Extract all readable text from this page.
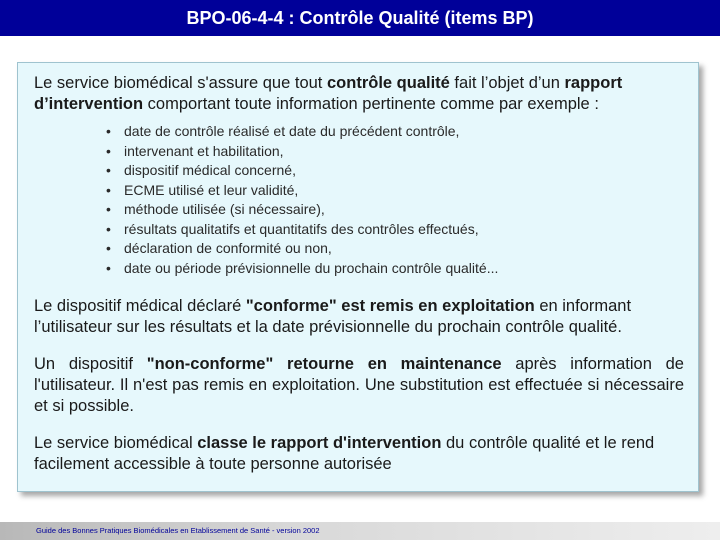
BPO-06-4-4 : Contrôle Qualité (items BP)

Le service biomédical s'assure que tout contrôle qualité fait l’objet d’un rapport d’intervention comportant toute information pertinente comme par exemple :

• date de contrôle réalisé et date du précédent contrôle,
• intervenant et habilitation,
• dispositif médical concerné,
• ECME utilisé et leur validité,
• méthode utilisée (si nécessaire),
• résultats qualitatifs et quantitatifs des contrôles effectués,
• déclaration de conformité ou non,
• date ou période prévisionnelle du prochain contrôle qualité...

Le dispositif médical déclaré "conforme" est remis en exploitation en informant l’utilisateur sur les résultats et la date prévisionnelle du prochain contrôle qualité.

Un dispositif "non-conforme" retourne en maintenance après information de l'utilisateur. Il n'est pas remis en exploitation. Une substitution est effectuée si nécessaire et si possible.

Le service biomédical classe le rapport d'intervention du contrôle qualité et le rend facilement accessible à toute personne autorisée

Guide des Bonnes Pratiques Biomédicales en Etablissement de Santé - version 2002
